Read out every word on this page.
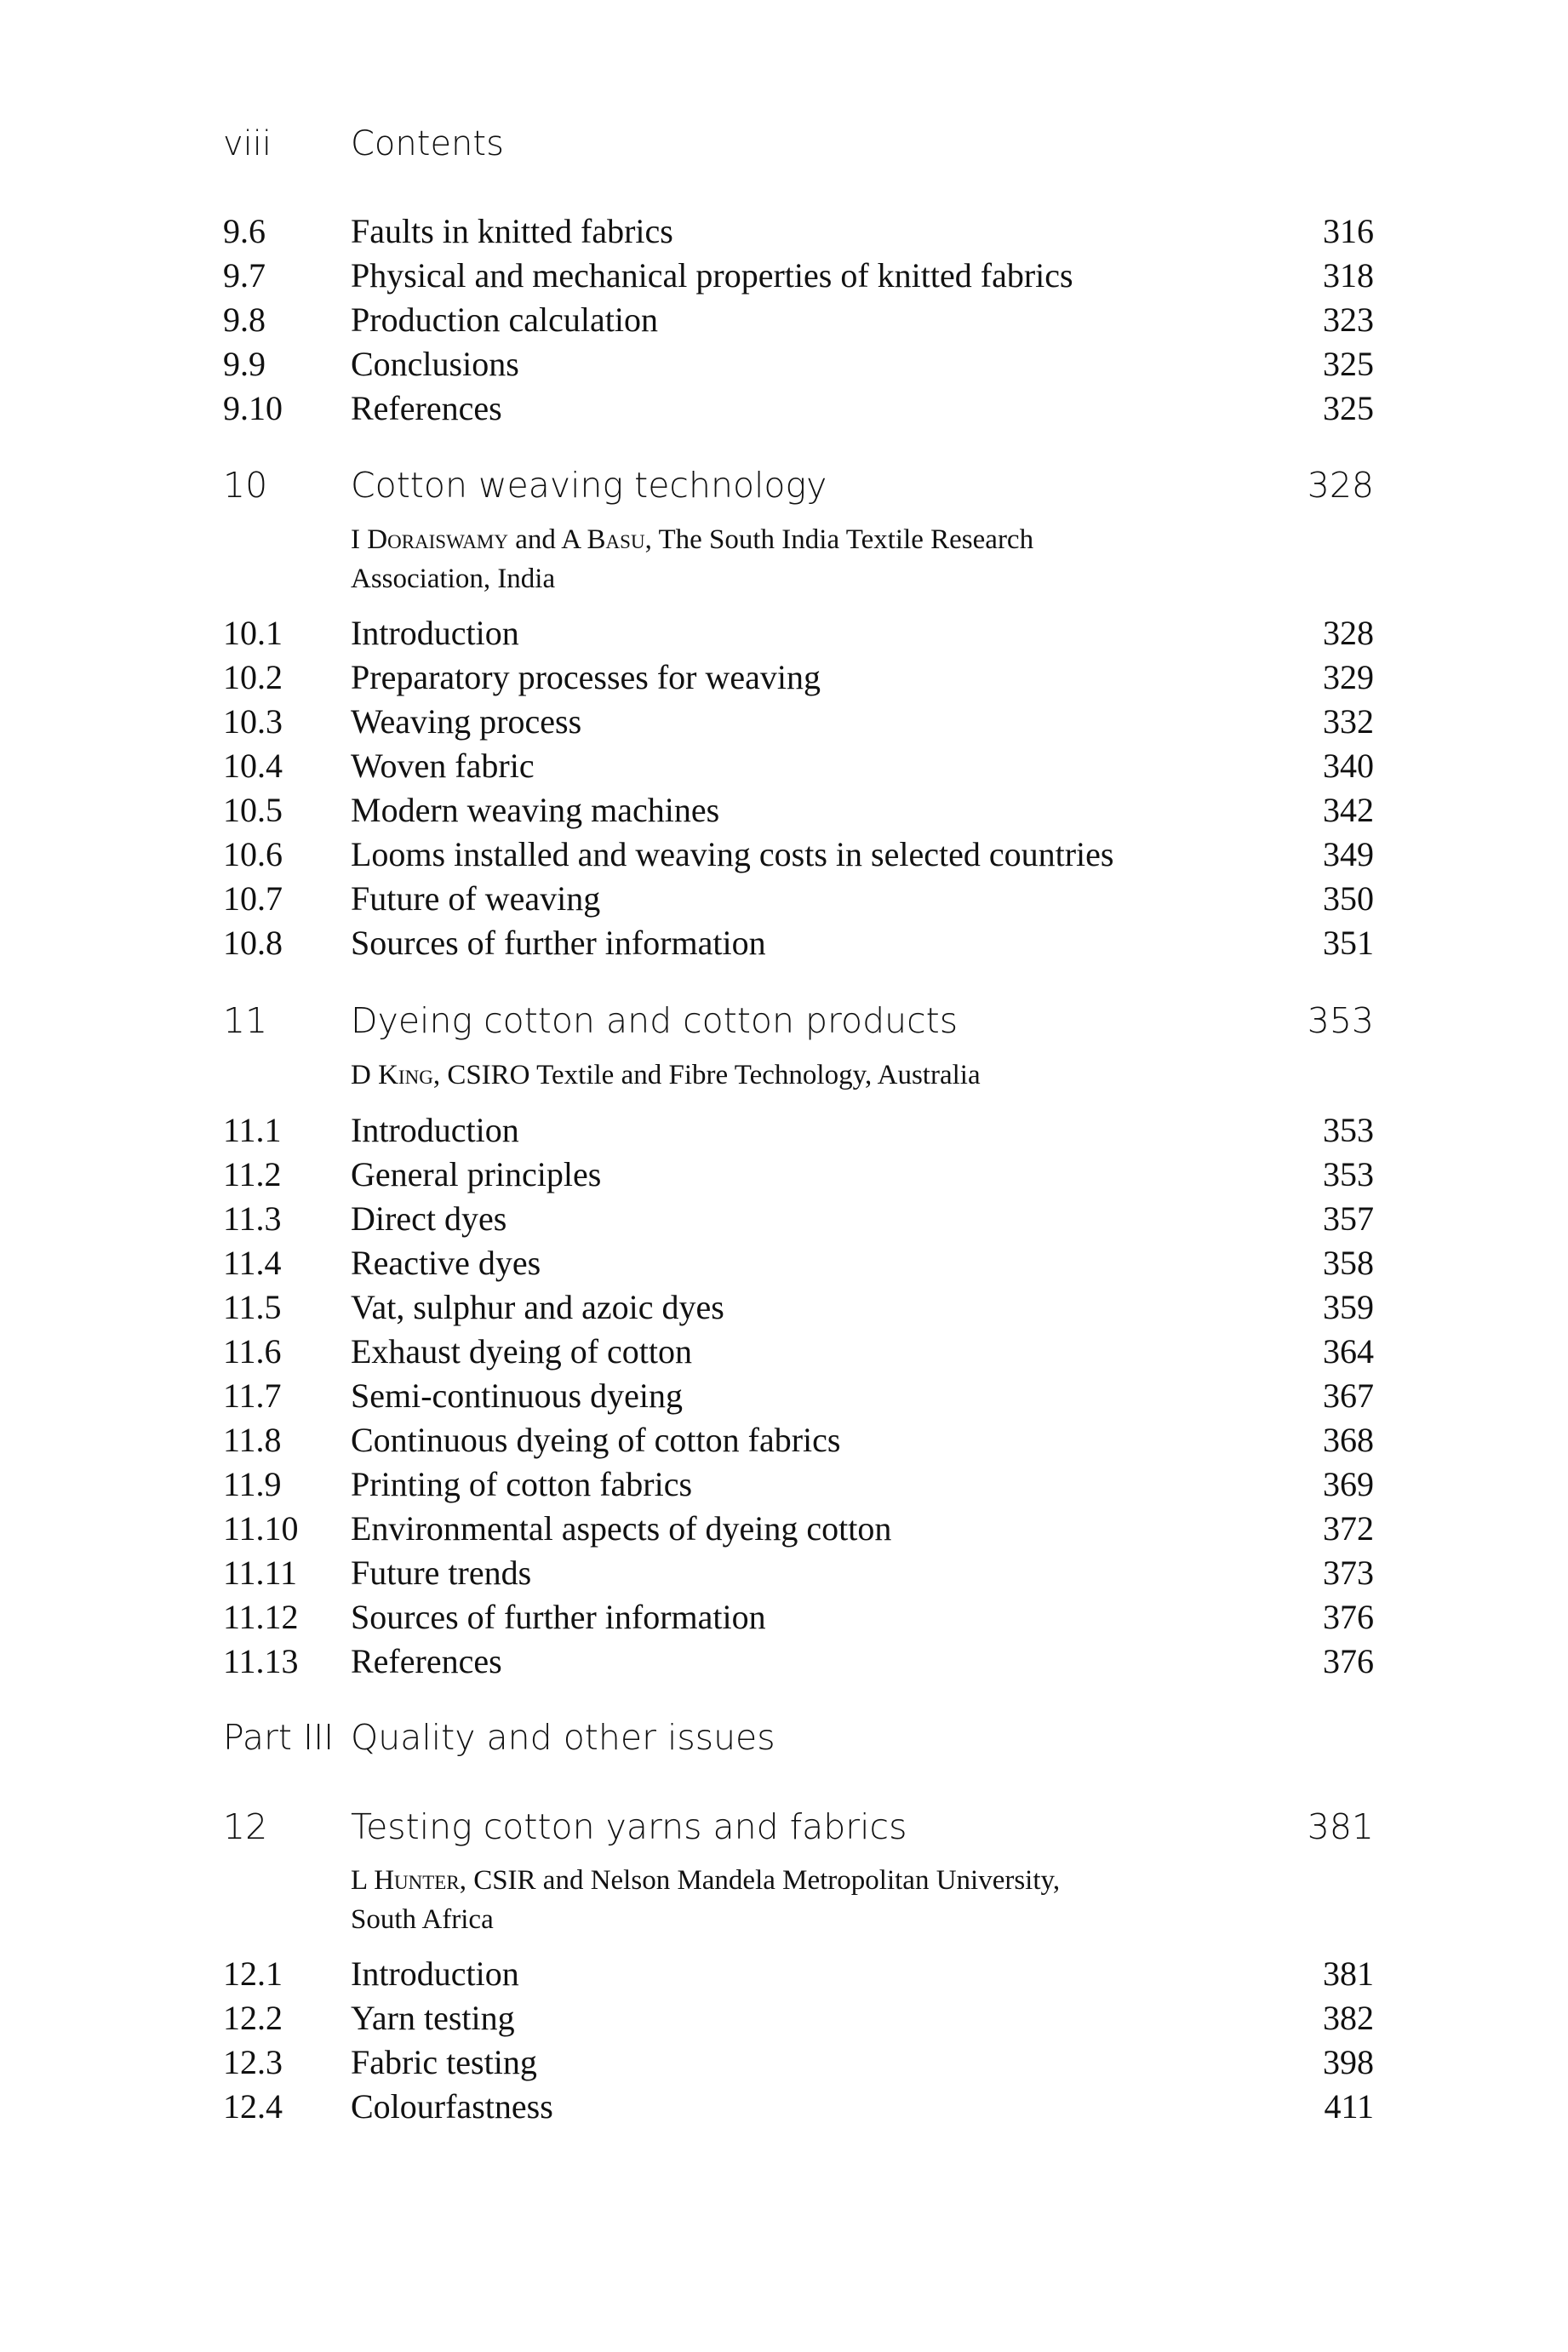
viii Contents
9.6	Faults in knitted fabrics	316
9.7	Physical and mechanical properties of knitted fabrics	318
9.8	Production calculation	323
9.9	Conclusions	325
9.10 References	325
10 Cotton weaving technology	328
I Doraiswamy and A Basu, The South India Textile Research
Association, India
10.1 Introduction	328
10.2 Preparatory processes for weaving	329
10.3 Weaving process	332
10.4 Woven fabric	340
10.5 Modern weaving machines	342
10.6 Looms installed and weaving costs in selected countries	349
10.7 Future of weaving	350
10.8 Sources of further information	351
11 Dyeing cotton and cotton products	353
D King, CSIRO Textile and Fibre Technology, Australia
11.1 Introduction	353
11.2 General principles	353
11.3 Direct dyes	357
11.4 Reactive dyes	358
11.5 Vat, sulphur and azoic dyes	359
11.6 Exhaust dyeing of cotton	364
11.7 Semi-continuous dyeing	367
11.8 Continuous dyeing of cotton fabrics	368
11.9 Printing of cotton fabrics	369
11.10 Environmental aspects of dyeing cotton	372
11.11 Future trends	373
11.12 Sources of further information	376
11.13 References	376
Part III Quality and other issues
12 Testing cotton yarns and fabrics	381
L Hunter, CSIR and Nelson Mandela Metropolitan University,
South Africa
12.1 Introduction	381
12.2 Yarn testing	382
12.3 Fabric testing	398
12.4 Colourfastness	411
